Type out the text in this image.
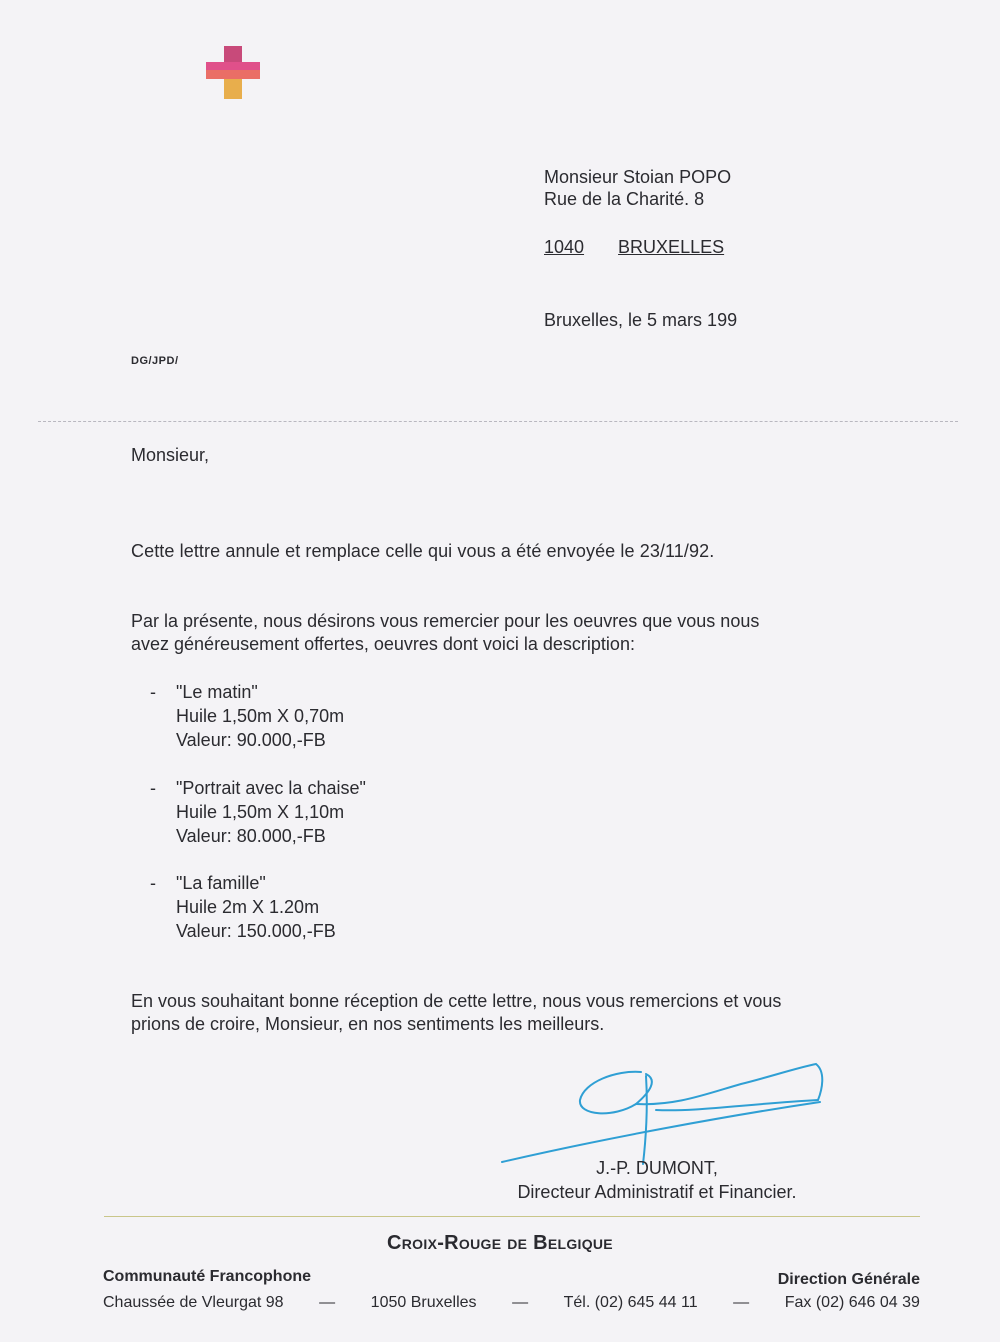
Monsieur Stoian POPO
Rue de la Charité. 8
1040 BRUXELLES
Bruxelles, le 5 mars 199
DG/JPD/
Monsieur,
Cette lettre annule et remplace celle qui vous a été envoyée le 23/11/92.
Par la présente, nous désirons vous remercier pour les oeuvres que vous nous
avez généreusement offertes, oeuvres dont voici la description:
- "Le matin"
Huile 1,50m X 0,70m
Valeur: 90.000,-FB
- "Portrait avec la chaise"
Huile 1,50m X 1,10m
Valeur: 80.000,-FB
- "La famille"
Huile 2m X 1.20m
Valeur: 150.000,-FB
En vous souhaitant bonne réception de cette lettre, nous vous remercions et vous
prions de croire, Monsieur, en nos sentiments les meilleurs.
J.-P. DUMONT,
Directeur Administratif et Financier.
Croix-Rouge de Belgique
Communauté Francophone	Direction Générale
Chaussée de Vleurgat 98 — 1050 Bruxelles — Tél. (02) 645 44 11 — Fax (02) 646 04 39
